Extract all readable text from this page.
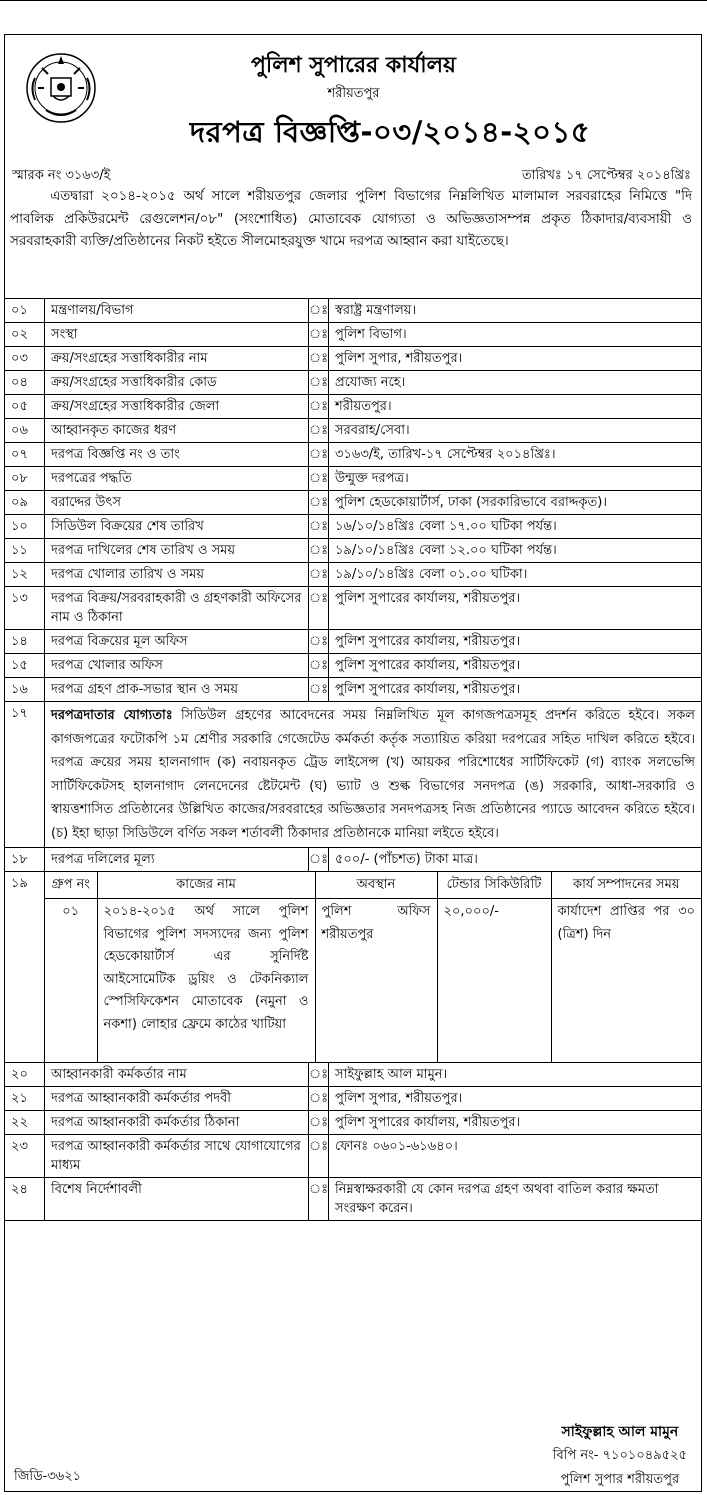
পুলিশ সুপারের কার্যালয়
শরীয়তপুর
দরপত্র বিজ্ঞপ্তি-০৩/২০১৪-২০১৫
স্মারক নং ৩১৬৩/ই	তারিখঃ ১৭ সেপ্টেম্বর ২০১৪খ্রিঃ
এতদ্বারা ২০১৪-২০১৫ অর্থ সালে শরীয়তপুর জেলার পুলিশ বিভাগের নিম্নলিখিত মালামাল সরবরাহের নিমিত্তে "দি পাবলিক প্রকিউরমেন্ট রেগুলেশন/০৮" (সংশোধিত) মোতাবেক যোগ্যতা ও অভিজ্ঞতাসম্পন্ন প্রকৃত ঠিকাদার/ব্যবসায়ী ও সরবরাহকারী ব্যক্তি/প্রতিষ্ঠানের নিকট হইতে সীলমোহরযুক্ত খামে দরপত্র আহ্বান করা যাইতেছে।
০১	মন্ত্রণালয়/বিভাগ	ঃ	স্বরাষ্ট্র মন্ত্রণালয়।
০২	সংস্থা	ঃ	পুলিশ বিভাগ।
০৩	ক্রয়/সংগ্রহের সত্তাধিকারীর নাম	ঃ	পুলিশ সুপার, শরীয়তপুর।
০৪	ক্রয়/সংগ্রহের সত্তাধিকারীর কোড	ঃ	প্রযোজ্য নহে।
০৫	ক্রয়/সংগ্রহের সত্তাধিকারীর জেলা	ঃ	শরীয়তপুর।
০৬	আহ্বানকৃত কাজের ধরণ	ঃ	সরবরাহ/সেবা।
০৭	দরপত্র বিজ্ঞপ্তি নং ও তাং	ঃ	৩১৬৩/ই, তারিখ-১৭ সেপ্টেম্বর ২০১৪খ্রিঃ।
০৮	দরপত্রের পদ্ধতি	ঃ	উন্মুক্ত দরপত্র।
০৯	বরাদ্দের উৎস	ঃ	পুলিশ হেডকোয়ার্টার্স, ঢাকা (সরকারিভাবে বরাদ্দকৃত)।
১০	সিডিউল বিক্রয়ের শেষ তারিখ	ঃ	১৬/১০/১৪খ্রিঃ বেলা ১৭.০০ ঘটিকা পর্যন্ত।
১১	দরপত্র দাখিলের শেষ তারিখ ও সময়	ঃ	১৯/১০/১৪খ্রিঃ বেলা ১২.০০ ঘটিকা পর্যন্ত।
১২	দরপত্র খোলার তারিখ ও সময়	ঃ	১৯/১০/১৪খ্রিঃ বেলা ০১.০০ ঘটিকা।
১৩	দরপত্র বিক্রয়/সরবরাহকারী ও গ্রহণকারী অফিসের নাম ও ঠিকানা	ঃ	পুলিশ সুপারের কার্যালয়, শরীয়তপুর।
১৪	দরপত্র বিক্রয়ের মূল অফিস	ঃ	পুলিশ সুপারের কার্যালয়, শরীয়তপুর।
১৫	দরপত্র খোলার অফিস	ঃ	পুলিশ সুপারের কার্যালয়, শরীয়তপুর।
১৬	দরপত্র গ্রহণ প্রাক-সভার স্থান ও সময়	ঃ	পুলিশ সুপারের কার্যালয়, শরীয়তপুর।
১৭	দরপত্রদাতার যোগ্যতাঃ সিডিউল গ্রহণের আবেদনের সময় নিম্নলিখিত মূল কাগজপত্রসমূহ প্রদর্শন করিতে হইবে। সকল কাগজপত্রের ফটোকপি ১ম শ্রেণীর সরকারি গেজেটেড কর্মকর্তা কর্তৃক সত্যায়িত করিয়া দরপত্রের সহিত দাখিল করিতে হইবে। দরপত্র ক্রয়ের সময় হালনাগাদ (ক) নবায়নকৃত ট্রেড লাইসেন্স (খ) আয়কর পরিশোধের সার্টিফিকেট (গ) ব্যাংক সলভেন্সি সার্টিফিকেটসহ হালনাগাদ লেনদেনের ষ্টেটমেন্ট (ঘ) ভ্যাট ও শুল্ক বিভাগের সনদপত্র (ঙ) সরকারি, আধা-সরকারি ও স্বায়ত্তশাসিত প্রতিষ্ঠানের উল্লিখিত কাজের/সরবরাহের অভিজ্ঞতার সনদপত্রসহ নিজ প্রতিষ্ঠানের প্যাডে আবেদন করিতে হইবে। (চ) ইহা ছাড়া সিডিউলে বর্ণিত সকল শর্তাবলী ঠিকাদার প্রতিষ্ঠানকে মানিয়া লইতে হইবে।
১৮	দরপত্র দলিলের মূল্য	ঃ	৫০০/- (পাঁচশত) টাকা মাত্র।
১৯	গ্রুপ নং	কাজের নাম	অবস্থান	টেন্ডার সিকিউরিটি	কার্য সম্পাদনের সময়
০১	২০১৪-২০১৫ অর্থ সালে পুলিশ বিভাগের পুলিশ সদস্যদের জন্য পুলিশ হেডকোয়ার্টার্স এর সুনির্দিষ্ট আইসোমেটিক ড্রয়িং ও টেকনিক্যাল স্পেসিফিকেশন মোতাবেক (নমুনা ও নকশা) লোহার ফ্রেমে কাঠের খাটিয়া	পুলিশ অফিস শরীয়তপুর	২০,০০০/-	কার্যাদেশ প্রাপ্তির পর ৩০ (ত্রিশ) দিন

২০	আহ্বানকারী কর্মকর্তার নাম	ঃ	সাইফুল্লাহ আল মামুন।
২১	দরপত্র আহ্বানকারী কর্মকর্তার পদবী	ঃ	পুলিশ সুপার, শরীয়তপুর।
২২	দরপত্র আহ্বানকারী কর্মকর্তার ঠিকানা	ঃ	পুলিশ সুপারের কার্যালয়, শরীয়তপুর।
২৩	দরপত্র আহ্বানকারী কর্মকর্তার সাথে যোগাযোগের মাধ্যম	ঃ	ফোনঃ ০৬০১-৬১৬৪০।
২৪	বিশেষ নির্দেশাবলী	ঃ	নিম্নস্বাক্ষরকারী যে কোন দরপত্র গ্রহণ অথবা বাতিল করার ক্ষমতা সংরক্ষণ করেন।
সাইফুল্লাহ আল মামুন
বিপি নং- ৭১০১০৪৯৫২৫
পুলিশ সুপার শরীয়তপুর
জিডি-৩৬২১
